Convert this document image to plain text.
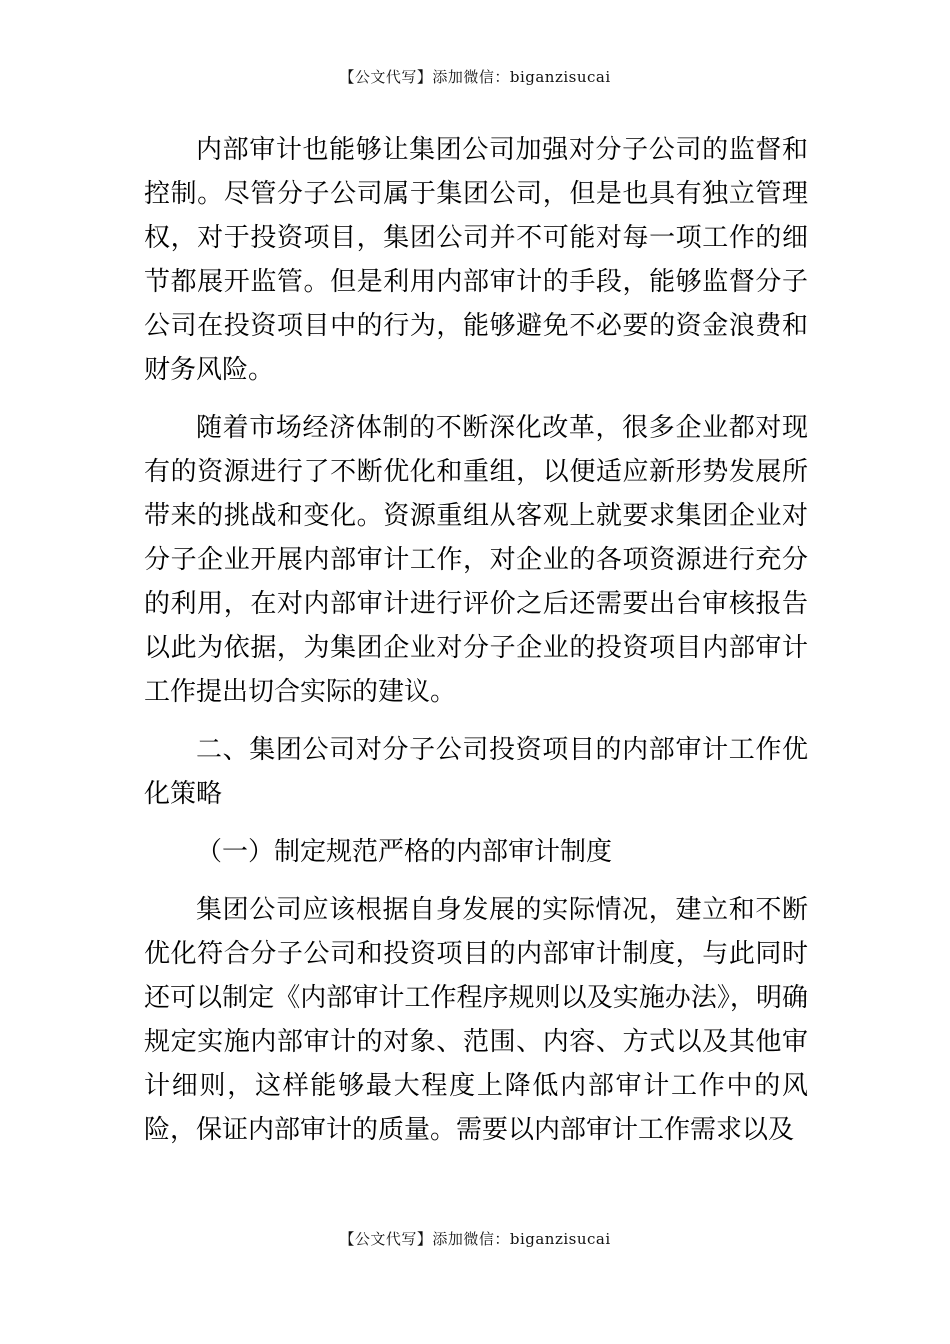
【公文代写】添加微信：biganzisucai

内部审计也能够让集团公司加强对分子公司的监督和控制。尽管分子公司属于集团公司，但是也具有独立管理权，对于投资项目，集团公司并不可能对每一项工作的细节都展开监管。但是利用内部审计的手段，能够监督分子公司在投资项目中的行为，能够避免不必要的资金浪费和财务风险。

随着市场经济体制的不断深化改革，很多企业都对现有的资源进行了不断优化和重组，以便适应新形势发展所带来的挑战和变化。资源重组从客观上就要求集团企业对分子企业开展内部审计工作，对企业的各项资源进行充分的利用，在对内部审计进行评价之后还需要出台审核报告以此为依据，为集团企业对分子企业的投资项目内部审计工作提出切合实际的建议。

二、集团公司对分子公司投资项目的内部审计工作优化策略

（一）制定规范严格的内部审计制度

集团公司应该根据自身发展的实际情况，建立和不断优化符合分子公司和投资项目的内部审计制度，与此同时还可以制定《内部审计工作程序规则以及实施办法》，明确规定实施内部审计的对象、范围、内容、方式以及其他审计细则，这样能够最大程度上降低内部审计工作中的风险，保证内部审计的质量。需要以内部审计工作需求以及

【公文代写】添加微信：biganzisucai
